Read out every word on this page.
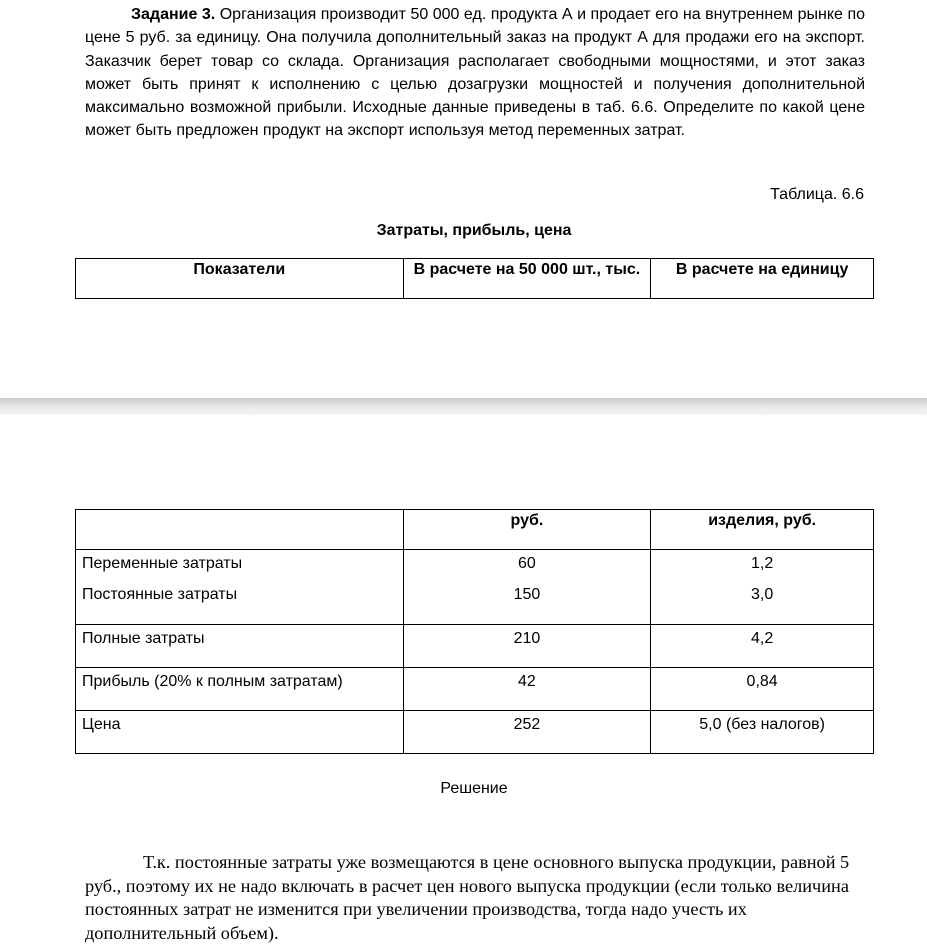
Задание 3. Организация производит 50 000 ед. продукта А и продает его на внутреннем рынке по цене 5 руб. за единицу. Она получила дополнительный заказ на продукт А для продажи его на экспорт. Заказчик берет товар со склада. Организация располагает свободными мощностями, и этот заказ может быть принят к исполнению с целью дозагрузки мощностей и получения дополнительной максимально возможной прибыли. Исходные данные приведены в таб. 6.6. Определите по какой цене может быть предложен продукт на экспорт используя метод переменных затрат.

Таблица. 6.6

Затраты, прибыль, цена

Показатели	В расчете на 50 000 шт., тыс.	В расчете на единицу
	руб.	изделия, руб.
Переменные затраты	60	1,2
Постоянные затраты	150	3,0
Полные затраты	210	4,2
Прибыль (20% к полным затратам)	42	0,84
Цена	252	5,0 (без налогов)

Решение

Т.к. постоянные затраты уже возмещаются в цене основного выпуска продукции, равной 5 руб., поэтому их не надо включать в расчет цен нового выпуска продукции (если только величина постоянных затрат не изменится при увеличении производства, тогда надо учесть их дополнительный объем).
